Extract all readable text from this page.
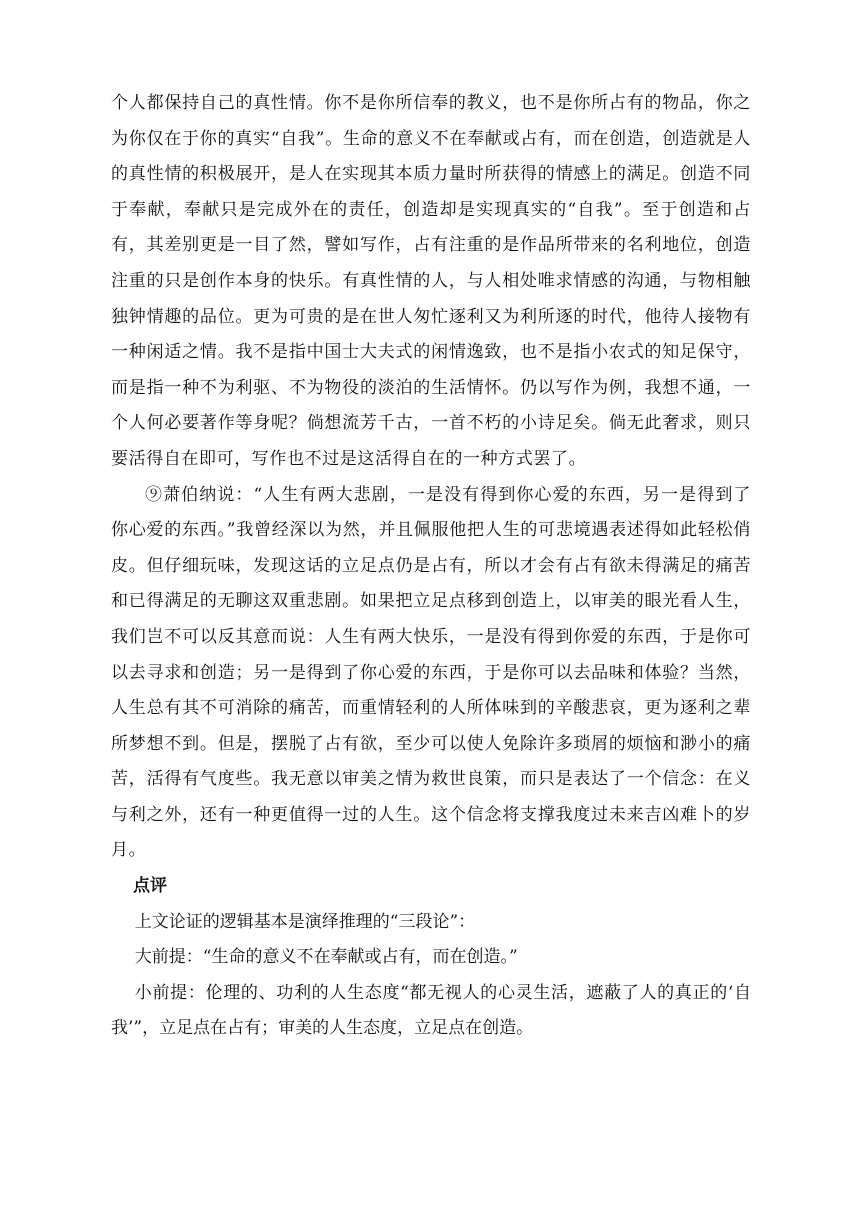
个人都保持自己的真性情。你不是你所信奉的教义，也不是你所占有的物品，你之为你仅在于你的真实“自我”。生命的意义不在奉献或占有，而在创造，创造就是人的真性情的积极展开，是人在实现其本质力量时所获得的情感上的满足。创造不同于奉献，奉献只是完成外在的责任，创造却是实现真实的“自我”。至于创造和占有，其差别更是一目了然，譬如写作，占有注重的是作品所带来的名利地位，创造注重的只是创作本身的快乐。有真性情的人，与人相处唯求情感的沟通，与物相触独钟情趣的品位。更为可贵的是在世人匆忙逐利又为利所逐的时代，他待人接物有一种闲适之情。我不是指中国士大夫式的闲情逸致，也不是指小农式的知足保守，而是指一种不为利驱、不为物役的淡泊的生活情怀。仍以写作为例，我想不通，一个人何必要著作等身呢？倘想流芳千古，一首不朽的小诗足矣。倘无此奢求，则只要活得自在即可，写作也不过是这活得自在的一种方式罢了。

⑨萧伯纳说：“人生有两大悲剧，一是没有得到你心爱的东西，另一是得到了你心爱的东西。”我曾经深以为然，并且佩服他把人生的可悲境遇表述得如此轻松俏皮。但仔细玩味，发现这话的立足点仍是占有，所以才会有占有欲未得满足的痛苦和已得满足的无聊这双重悲剧。如果把立足点移到创造上，以审美的眼光看人生，我们岂不可以反其意而说：人生有两大快乐，一是没有得到你爱的东西，于是你可以去寻求和创造；另一是得到了你心爱的东西，于是你可以去品味和体验？当然，人生总有其不可消除的痛苦，而重情轻利的人所体味到的辛酸悲哀，更为逐利之辈所梦想不到。但是，摆脱了占有欲，至少可以使人免除许多琐屑的烦恼和渺小的痛苦，活得有气度些。我无意以审美之情为救世良策，而只是表达了一个信念：在义与利之外，还有一种更值得一过的人生。这个信念将支撑我度过未来吉凶难卜的岁月。

点评

上文论证的逻辑基本是演绎推理的“三段论”：

大前提：“生命的意义不在奉献或占有，而在创造。”

小前提：伦理的、功利的人生态度“都无视人的心灵生活，遮蔽了人的真正的‘自我’”，立足点在占有；审美的人生态度，立足点在创造。
